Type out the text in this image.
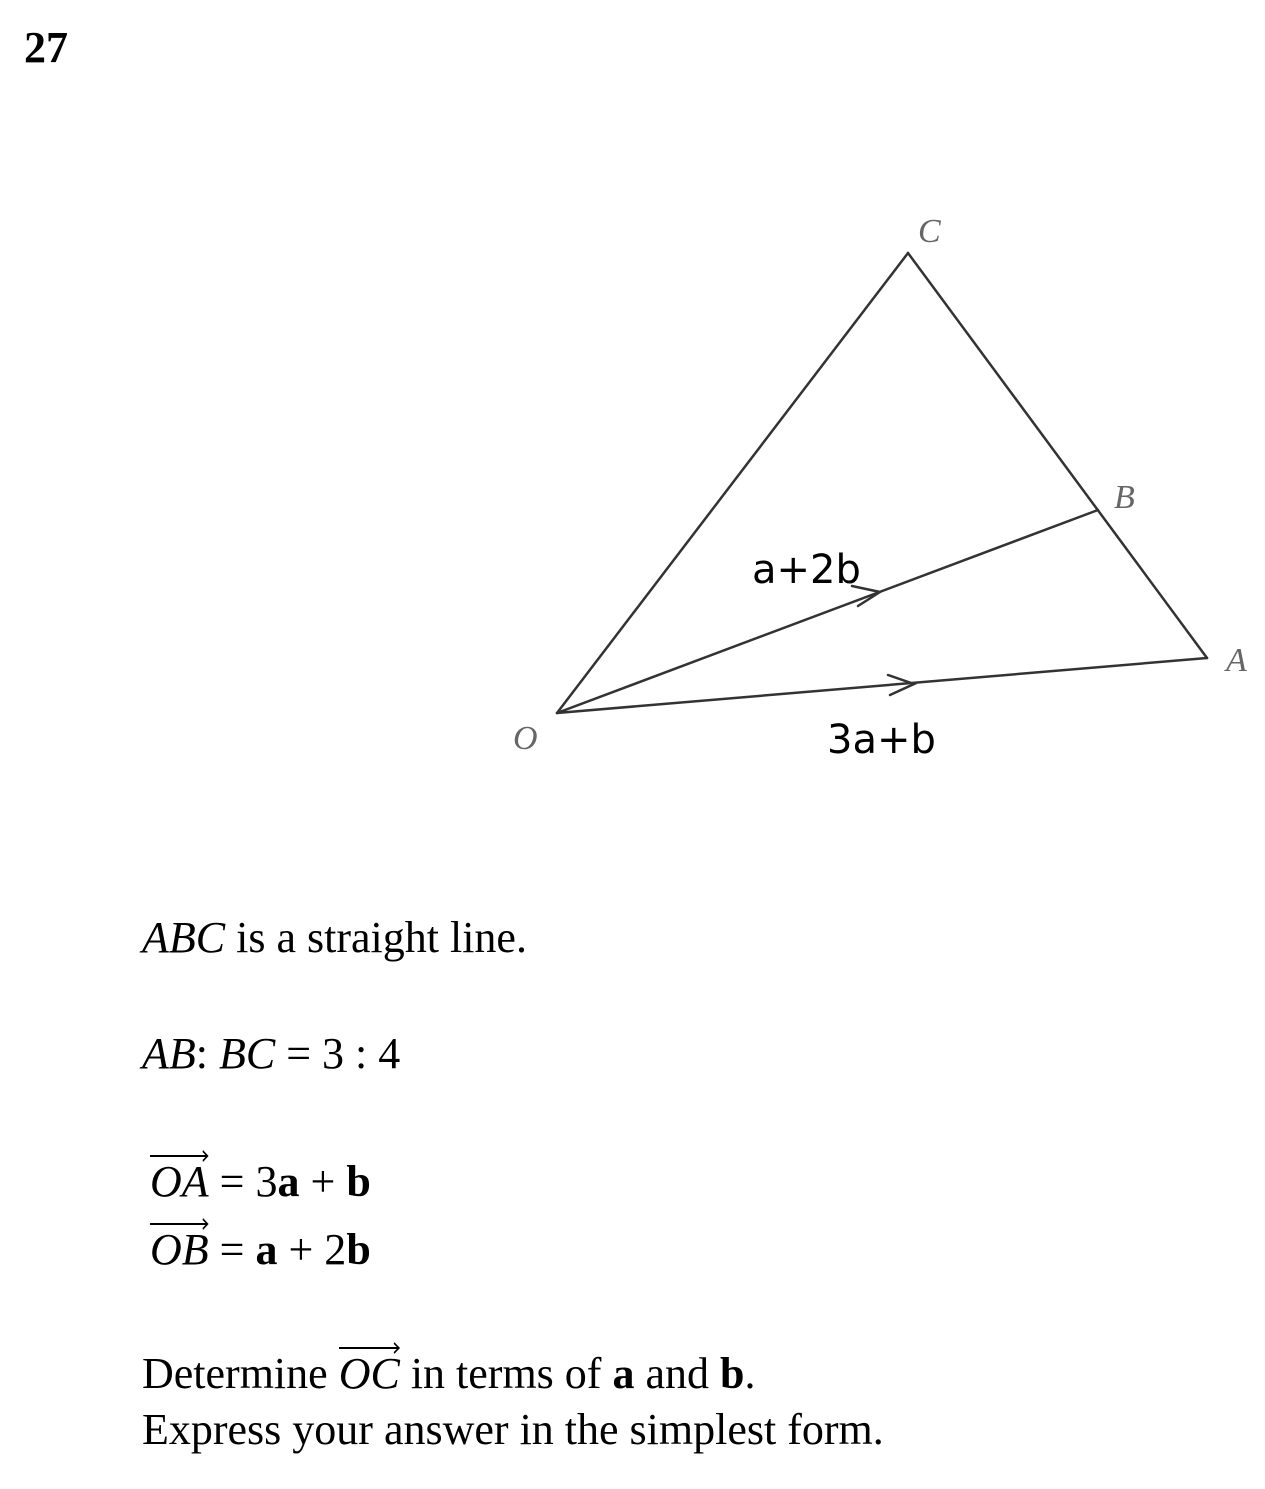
27
C
B
A
O
a+2b
3a+b
ABC is a straight line.
AB: BC = 3 : 4
OA = 3a + b
OB = a + 2b
Determine
OC in terms of a and b.
Express your answer in the simplest form.
